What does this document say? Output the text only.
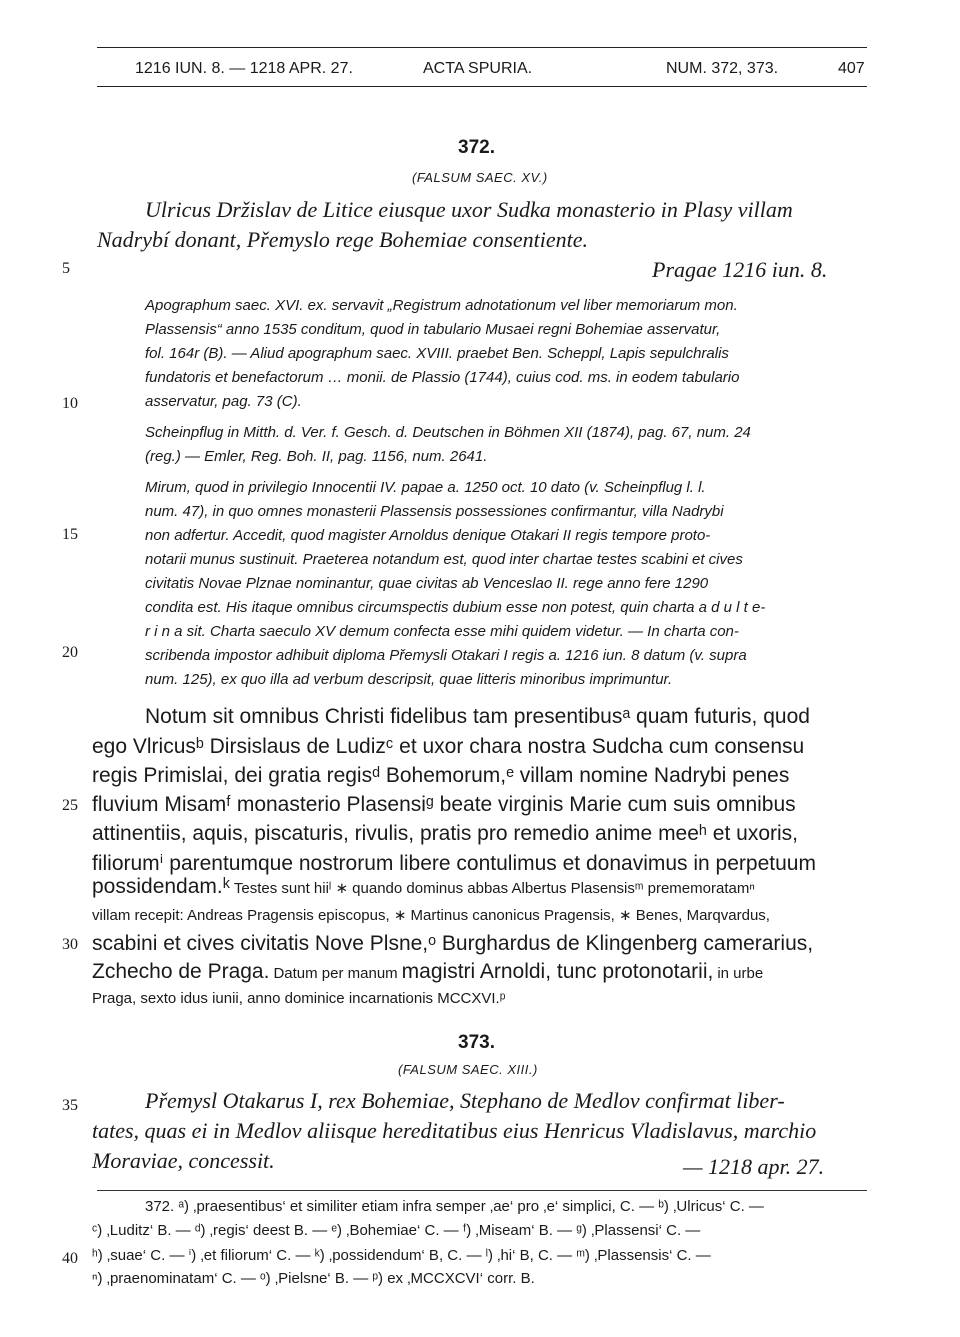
1216 IUN. 8. — 1218 APR. 27.	ACTA SPURIA.	NUM. 372, 373.	407
372.
(FALSUM SAEC. XV.)
Ulricus Držislav de Litice eiusque uxor Sudka monasterio in Plasy villam
Nadrybí donant, Přemyslo rege Bohemiae consentiente.
Pragae 1216 iun. 8.
Apographum saec. XVI. ex. servavit „Registrum adnotationum vel liber memoriarum mon.
Plassensis“ anno 1535 conditum, quod in tabulario Musaei regni Bohemiae asservatur,
fol. 164r (B). — Aliud apographum saec. XVIII. praebet Ben. Scheppl, Lapis sepulchralis
fundatoris et benefactorum … monii. de Plassio (1744), cuius cod. ms. in eodem tabulario
asservatur, pag. 73 (C).
Scheinpflug in Mitth. d. Ver. f. Gesch. d. Deutschen in Böhmen XII (1874), pag. 67, num. 24
(reg.) — Emler, Reg. Boh. II, pag. 1156, num. 2641.
Mirum, quod in privilegio Innocentii IV. papae a. 1250 oct. 10 dato (v. Scheinpflug l. l.
num. 47), in quo omnes monasterii Plassensis possessiones confirmantur, villa Nadrybi
non adfertur. Accedit, quod magister Arnoldus denique Otakari II regis tempore proto-
notarii munus sustinuit. Praeterea notandum est, quod inter chartae testes scabini et cives
civitatis Novae Plznae nominantur, quae civitas ab Venceslao II. rege anno fere 1290
condita est. His itaque omnibus circumspectis dubium esse non potest, quin charta a d u l t e-
r i n a sit. Charta saeculo XV demum confecta esse mihi quidem videtur. — In charta con-
scribenda impostor adhibuit diploma Přemysli Otakari I regis a. 1216 iun. 8 datum (v. supra
num. 125), ex quo illa ad verbum descripsit, quae litteris minoribus imprimuntur.
Notum sit omnibus Christi fidelibus tam presentibusᵃ quam futuris, quod
ego Vlricusᵇ Dirsislaus de Ludizᶜ et uxor chara nostra Sudcha cum consensu
regis Primislai, dei gratia regisᵈ Bohemorum,ᵉ villam nomine Nadrybi penes
fluvium Misamᶠ monasterio Plasensiᵍ beate virginis Marie cum suis omnibus
attinentiis, aquis, piscaturis, rivulis, pratis pro remedio anime meeʰ et uxoris,
filiorumⁱ parentumque nostrorum libere contulimus et donavimus in perpetuum
possidendam.ᵏ Testes sunt hiiˡ ∗ quando dominus abbas Albertus Plasensisᵐ prememoratamⁿ
villam recepit: Andreas Pragensis episcopus, ∗ Martinus canonicus Pragensis, ∗ Benes, Marqvardus,
scabini et cives civitatis Nove Plsne,ᵒ Burghardus de Klingenberg camerarius,
Zchecho de Praga. Datum per manum magistri Arnoldi, tunc protonotarii, in urbe
Praga, sexto idus iunii, anno dominice incarnationis MCCXVI.ᵖ
373.
(FALSUM SAEC. XIII.)
Přemysl Otakarus I, rex Bohemiae, Stephano de Medlov confirmat liber-
tates, quas ei in Medlov aliisque hereditatibus eius Henricus Vladislavus, marchio
Moraviae, concessit.	— 1218 apr. 27.
372. ᵃ) ‚praesentibus‘ et similiter etiam infra semper ‚ae‘ pro ‚e‘ simplici, C. — ᵇ) ‚Ulricus‘ C. —
ᶜ) ‚Luditz‘ B. — ᵈ) ‚regis‘ deest B. — ᵉ) ‚Bohemiae‘ C. — ᶠ) ‚Miseam‘ B. — ᵍ) ‚Plassensi‘ C. —
ʰ) ‚suae‘ C. — ⁱ) ‚et filiorum‘ C. — ᵏ) ‚possidendum‘ B, C. — ˡ) ‚hi‘ B, C. — ᵐ) ‚Plassensis‘ C. —
ⁿ) ‚praenominatam‘ C. — ᵒ) ‚Pielsne‘ B. — ᵖ) ex ‚MCCXCVI‘ corr. B.
5
10
15
20
25
30
35
40
